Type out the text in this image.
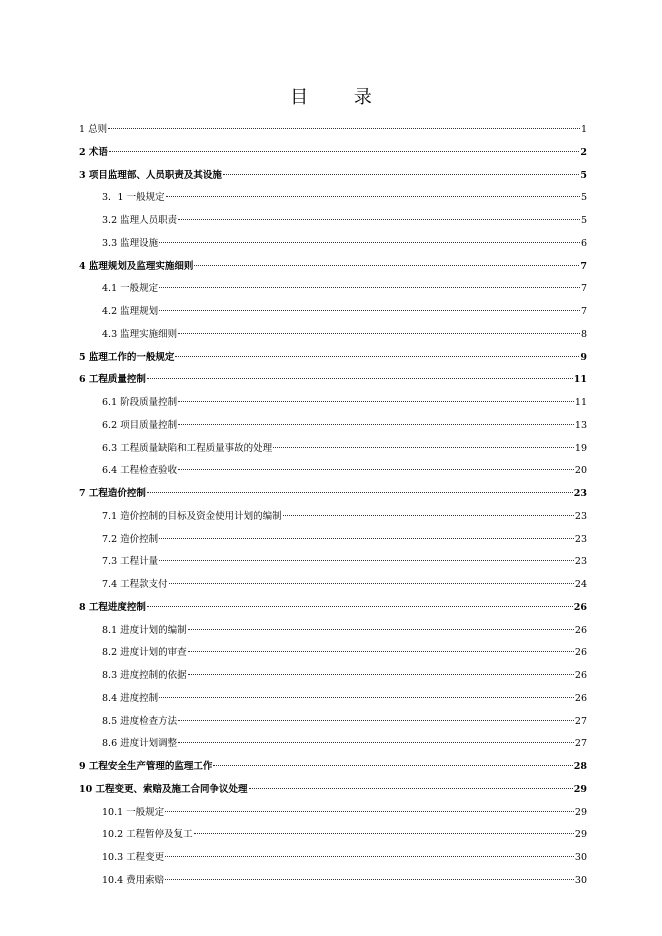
目 录
1 总则	1
2 术语	2
3 项目监理部、人员职责及其设施	5
3．1 一般规定	5
3.2 监理人员职责	5
3.3 监理设施	6
4 监理规划及监理实施细则	7
4.1 一般规定	7
4.2 监理规划	7
4.3 监理实施细则	8
5 监理工作的一般规定	9
6 工程质量控制	11
6.1 阶段质量控制	11
6.2 项目质量控制	13
6.3 工程质量缺陷和工程质量事故的处理	19
6.4 工程检查验收	20
7 工程造价控制	23
7.1 造价控制的目标及资金使用计划的编制	23
7.2 造价控制	23
7.3 工程计量	23
7.4 工程款支付	24
8 工程进度控制	26
8.1 进度计划的编制	26
8.2 进度计划的审查	26
8.3 进度控制的依据	26
8.4 进度控制	26
8.5 进度检查方法	27
8.6 进度计划调整	27
9 工程安全生产管理的监理工作	28
10 工程变更、索赔及施工合同争议处理	29
10.1 一般规定	29
10.2 工程暂停及复工	29
10.3 工程变更	30
10.4 费用索赔	30
